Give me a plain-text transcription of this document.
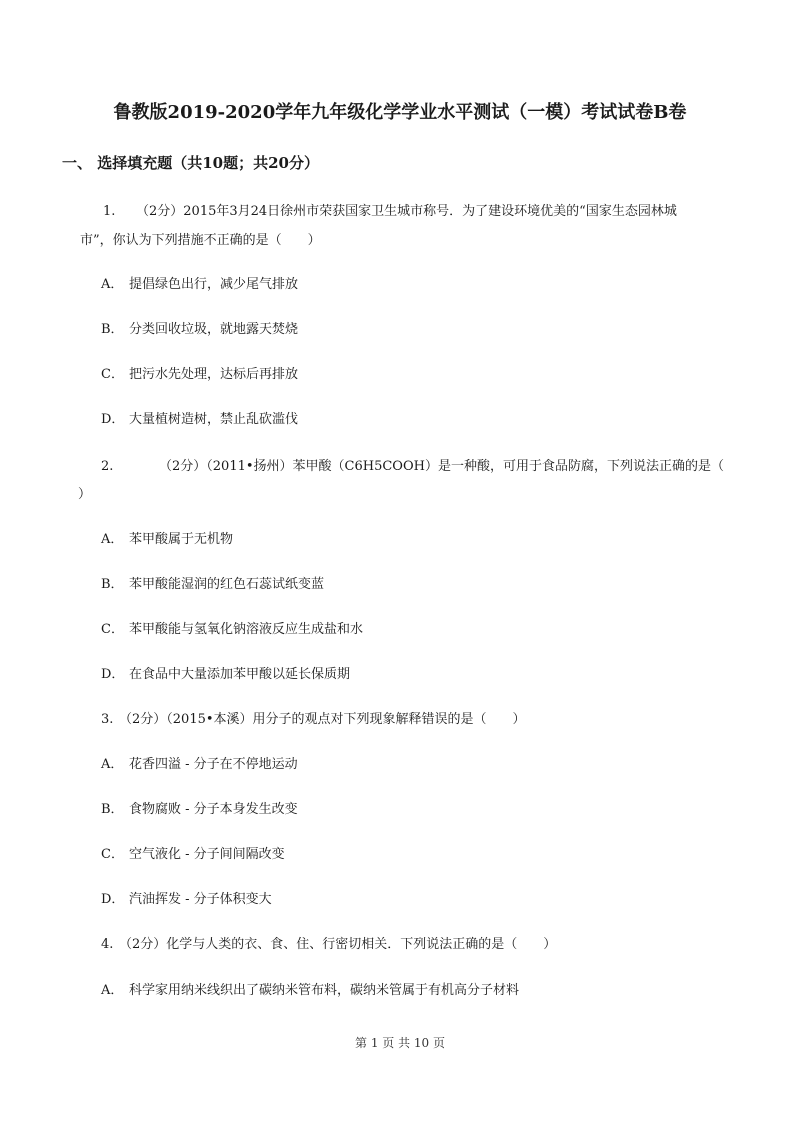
鲁教版2019-2020学年九年级化学学业水平测试（一模）考试试卷B卷
一、 选择填充题（共10题；共20分）
1. （2分）2015年3月24日徐州市荣获国家卫生城市称号．为了建设环境优美的“国家生态园林城
市”，你认为下列措施不正确的是（　　）
A． 提倡绿色出行，减少尾气排放
B． 分类回收垃圾，就地露天焚烧
C． 把污水先处理，达标后再排放
D． 大量植树造树，禁止乱砍滥伐
2.	（2分）（2011•扬州）苯甲酸（C6H5COOH）是一种酸，可用于食品防腐，下列说法正确的是（
）
A． 苯甲酸属于无机物
B． 苯甲酸能湿润的红色石蕊试纸变蓝
C． 苯甲酸能与氢氧化钠溶液反应生成盐和水
D． 在食品中大量添加苯甲酸以延长保质期
3. （2分）（2015•本溪）用分子的观点对下列现象解释错误的是（　　）
A． 花香四溢 - 分子在不停地运动
B． 食物腐败 - 分子本身发生改变
C． 空气液化 - 分子间间隔改变
D． 汽油挥发 - 分子体积变大
4. （2分）化学与人类的衣、食、住、行密切相关．下列说法正确的是（　　）
A． 科学家用纳米线织出了碳纳米管布料，碳纳米管属于有机高分子材料
第 1 页 共 10 页
